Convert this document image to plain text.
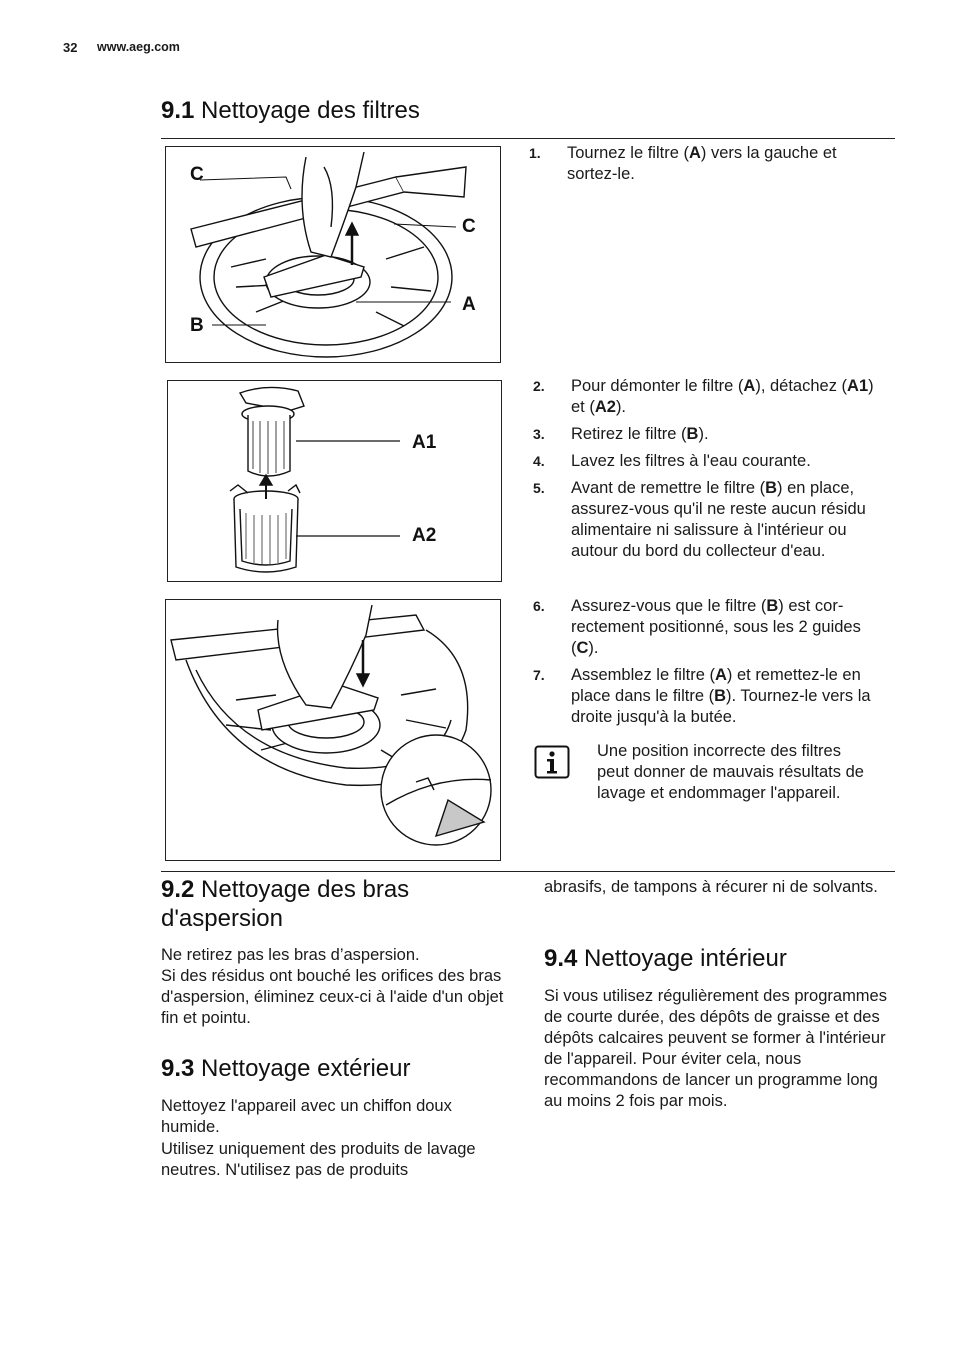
32 www.aeg.com
9.1 Nettoyage des filtres
C
C
A
B
A1
A2
1. Tournez le filtre (A) vers la gauche et sortez-le.
2. Pour démonter le filtre (A), détachez (A1) et (A2).
3. Retirez le filtre (B).
4. Lavez les filtres à l'eau courante.
5. Avant de remettre le filtre (B) en place, assurez-vous qu'il ne reste aucun résidu alimentaire ni salissure à l'intérieur ou autour du bord du collecteur d'eau.
6. Assurez-vous que le filtre (B) est correctement positionné, sous les 2 guides (C).
7. Assemblez le filtre (A) et remettez-le en place dans le filtre (B). Tournez-le vers la droite jusqu'à la butée.

Une position incorrecte des filtres peut donner de mauvais résultats de lavage et endommager l'appareil.

9.2 Nettoyage des bras
d'aspersion

Ne retirez pas les bras d’aspersion.

Si des résidus ont bouché les orifices des bras d'aspersion, éliminez ceux-ci à l'aide d'un objet fin et pointu.

9.3 Nettoyage extérieur

Nettoyez l'appareil avec un chiffon doux humide.

Utilisez uniquement des produits de lavage neutres. N'utilisez pas de produits

abrasifs, de tampons à récurer ni de solvants.

9.4 Nettoyage intérieur

Si vous utilisez régulièrement des programmes de courte durée, des dépôts de graisse et des dépôts calcaires peuvent se former à l'intérieur de l'appareil. Pour éviter cela, nous recommandons de lancer un programme long au moins 2 fois par mois.
